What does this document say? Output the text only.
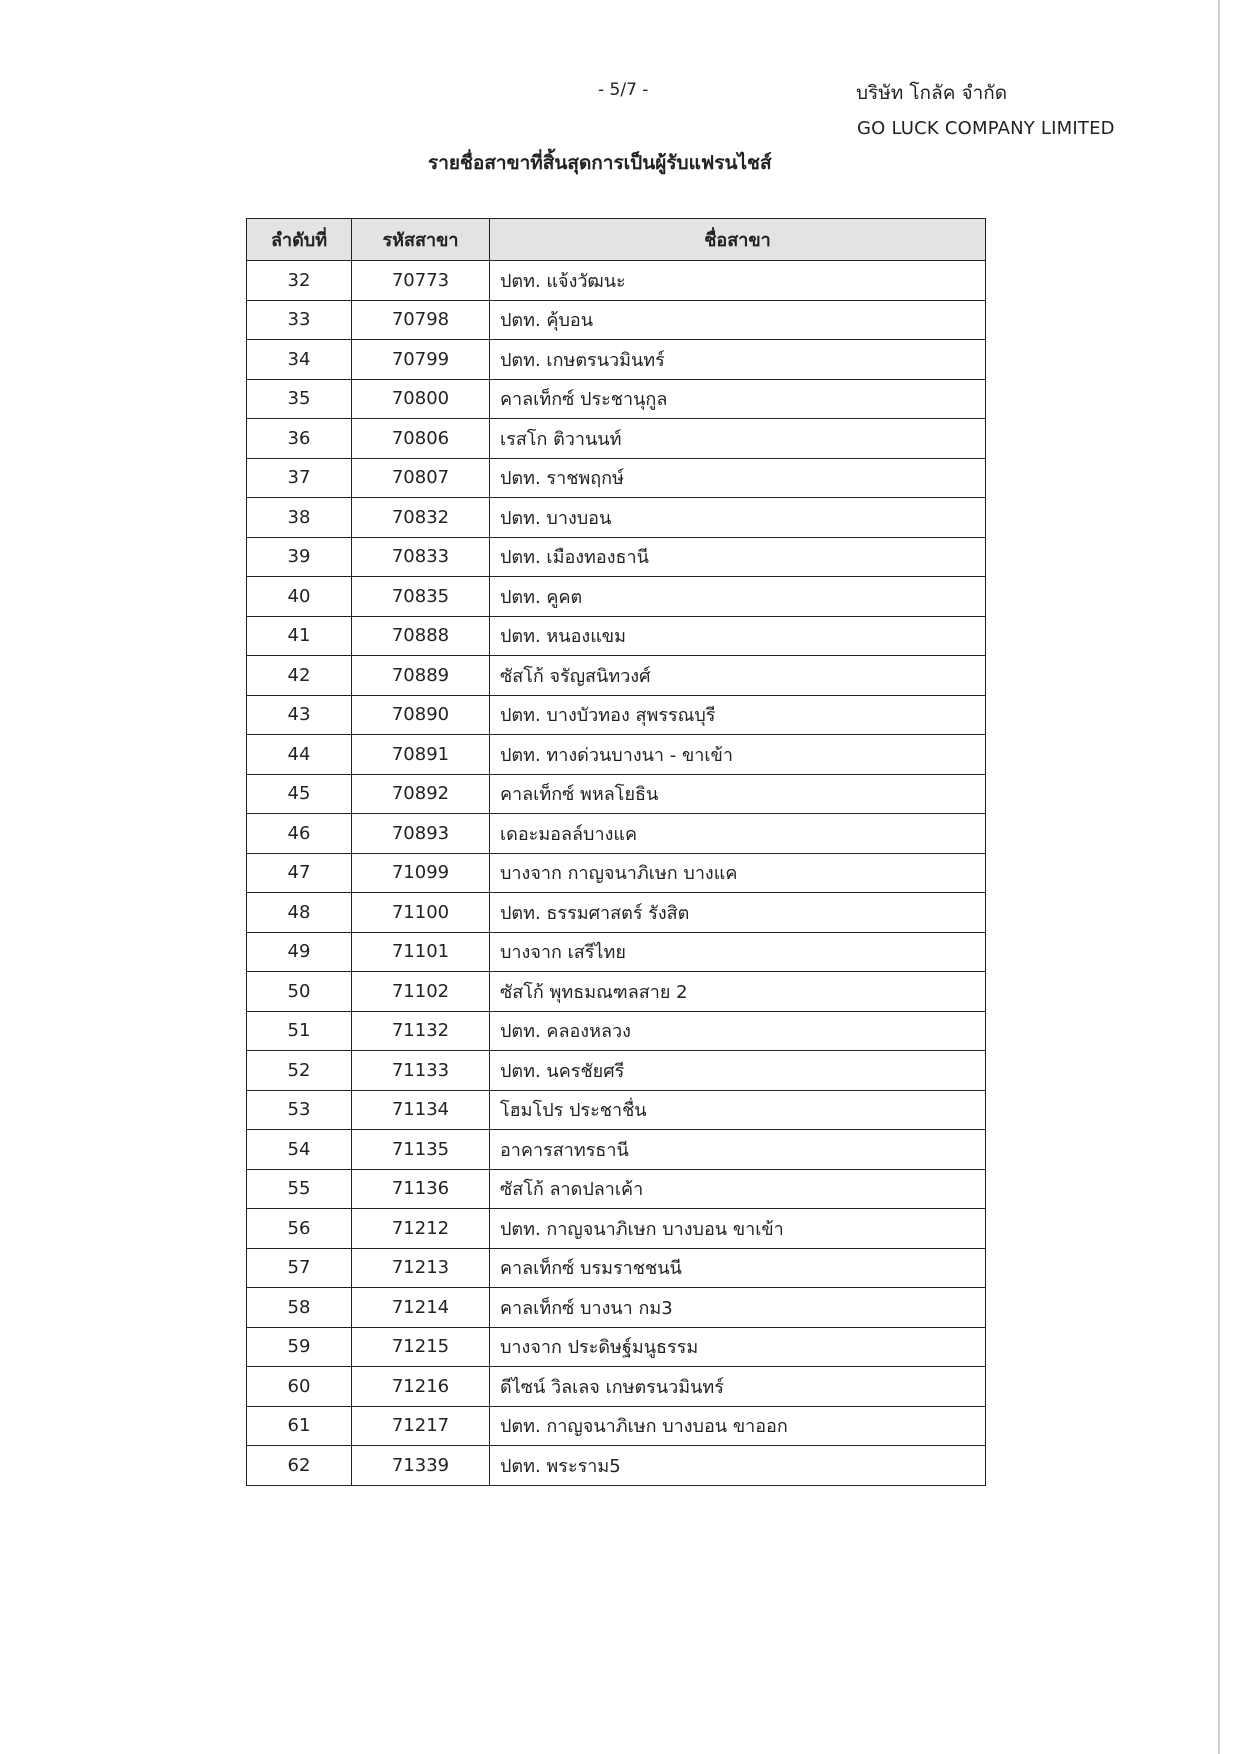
- 5/7 -	บริษัท โกลัค จำกัด
GO LUCK COMPANY LIMITED
รายชื่อสาขาที่สิ้นสุดการเป็นผู้รับแฟรนไชส์
ลำดับที่	รหัสสาขา	ชื่อสาขา
32	70773	ปตท. แจ้งวัฒนะ
33	70798	ปตท. คุ้บอน
34	70799	ปตท. เกษตรนวมินทร์
35	70800	คาลเท็กซ์ ประชานุกูล
36	70806	เรสโก ติวานนท์
37	70807	ปตท. ราชพฤกษ์
38	70832	ปตท. บางบอน
39	70833	ปตท. เมืองทองธานี
40	70835	ปตท. คูคต
41	70888	ปตท. หนองแขม
42	70889	ซัสโก้ จรัญสนิทวงศ์
43	70890	ปตท. บางบัวทอง สุพรรณบุรี
44	70891	ปตท. ทางด่วนบางนา - ขาเข้า
45	70892	คาลเท็กซ์ พหลโยธิน
46	70893	เดอะมอลล์บางแค
47	71099	บางจาก กาญจนาภิเษก บางแค
48	71100	ปตท. ธรรมศาสตร์ รังสิต
49	71101	บางจาก เสรีไทย
50	71102	ซัสโก้ พุทธมณฑลสาย 2
51	71132	ปตท. คลองหลวง
52	71133	ปตท. นครชัยศรี
53	71134	โฮมโปร ประชาชื่น
54	71135	อาคารสาทรธานี
55	71136	ซัสโก้ ลาดปลาเค้า
56	71212	ปตท. กาญจนาภิเษก บางบอน ขาเข้า
57	71213	คาลเท็กซ์ บรมราชชนนี
58	71214	คาลเท็กซ์ บางนา กม3
59	71215	บางจาก ประดิษฐ์มนูธรรม
60	71216	ดีไซน์ วิลเลจ เกษตรนวมินทร์
61	71217	ปตท. กาญจนาภิเษก บางบอน ขาออก
62	71339	ปตท. พระราม5
